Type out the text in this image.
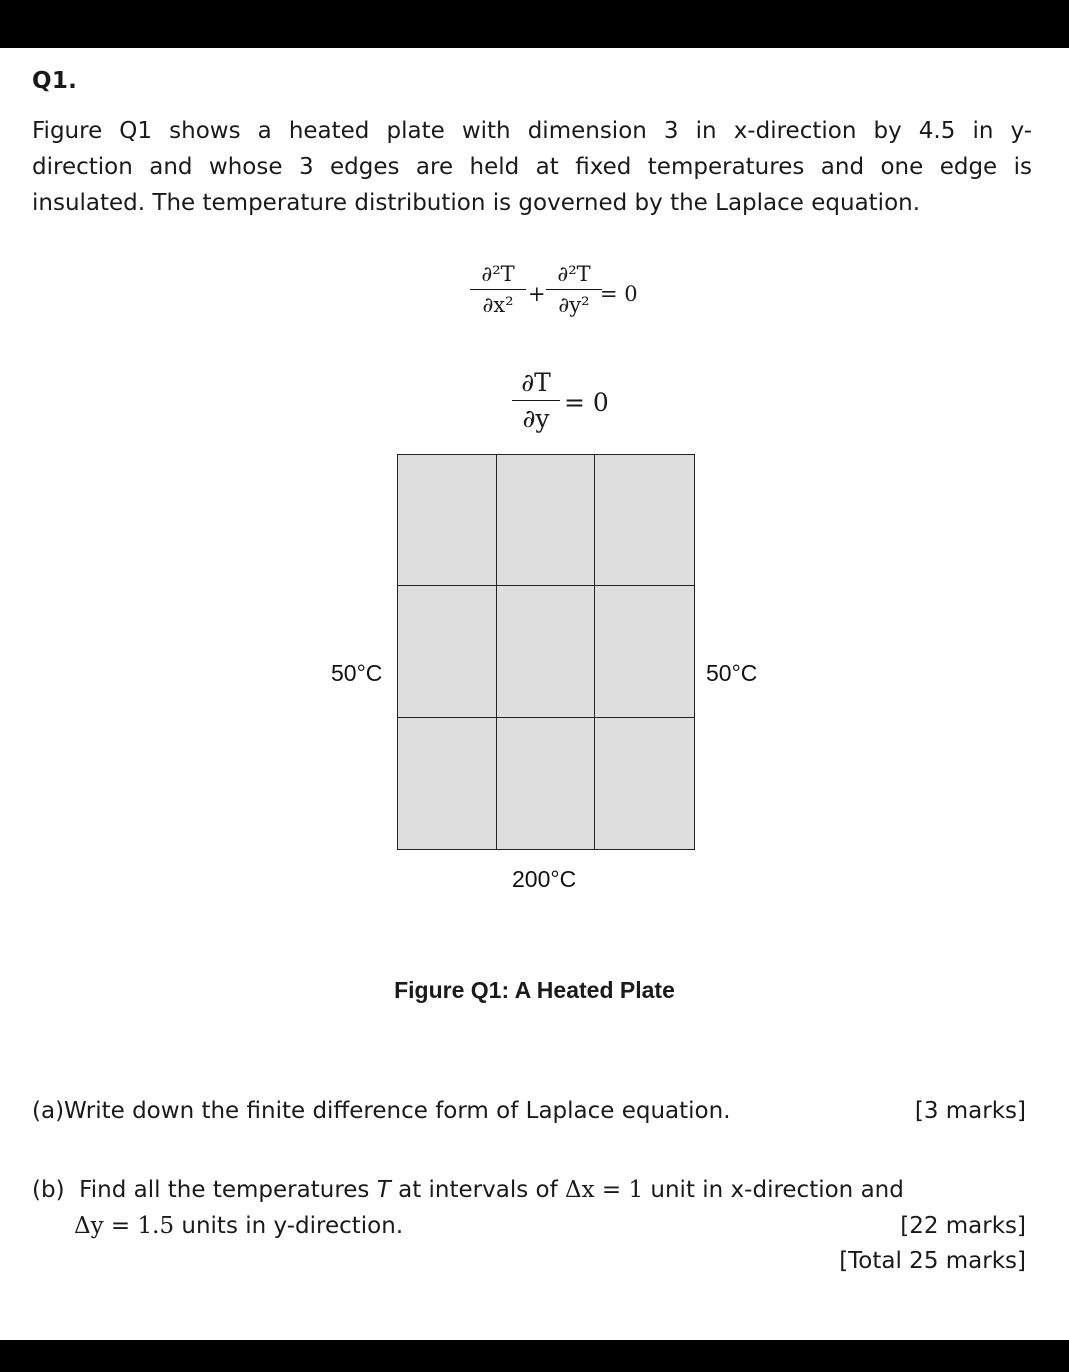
Q1.
Figure Q1 shows a heated plate with dimension 3 in x-direction by 4.5 in y-
direction and whose 3 edges are held at fixed temperatures and one edge is
insulated. The temperature distribution is governed by the Laplace equation.
∂²T
∂x² +
∂²T
∂y² = 0
∂T
∂y
= 0
50°C	50°C
200°C
Figure Q1: A Heated Plate
[3 marks]
(a)Write down the finite difference form of Laplace equation.
(b) Find all the temperatures T at intervals of Δx = 1 unit in x-direction and
[22 marks]
Δy = 1.5 units in y-direction.
[Total 25 marks]
